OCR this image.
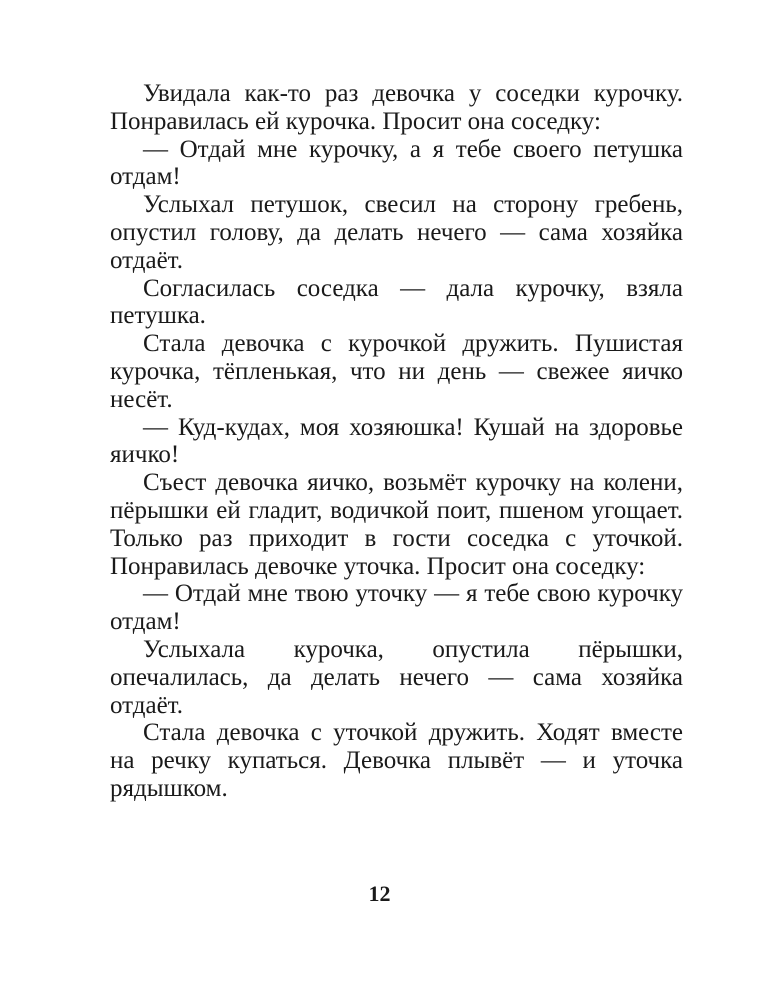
Увидала как-то раз девочка у соседки курочку. Понравилась ей курочка. Просит она соседку:

— Отдай мне курочку, а я тебе своего петушка отдам!

Услыхал петушок, свесил на сторону гребень, опустил голову, да делать нечего — сама хозяйка отдаёт.

Согласилась соседка — дала курочку, взяла петушка.

Стала девочка с курочкой дружить. Пушистая курочка, тёпленькая, что ни день — свежее яичко несёт.

— Куд-кудах, моя хозяюшка! Кушай на здоровье яичко!

Съест девочка яичко, возьмёт курочку на колени, пёрышки ей гладит, водичкой поит, пшеном угощает. Только раз приходит в гости соседка с уточкой. Понравилась девочке уточка. Просит она соседку:

— Отдай мне твою уточку — я тебе свою курочку отдам!

Услыхала курочка, опустила пёрышки, опечалилась, да делать нечего — сама хозяйка отдаёт.

Стала девочка с уточкой дружить. Ходят вместе на речку купаться. Девочка плывёт — и уточка рядышком.

12
